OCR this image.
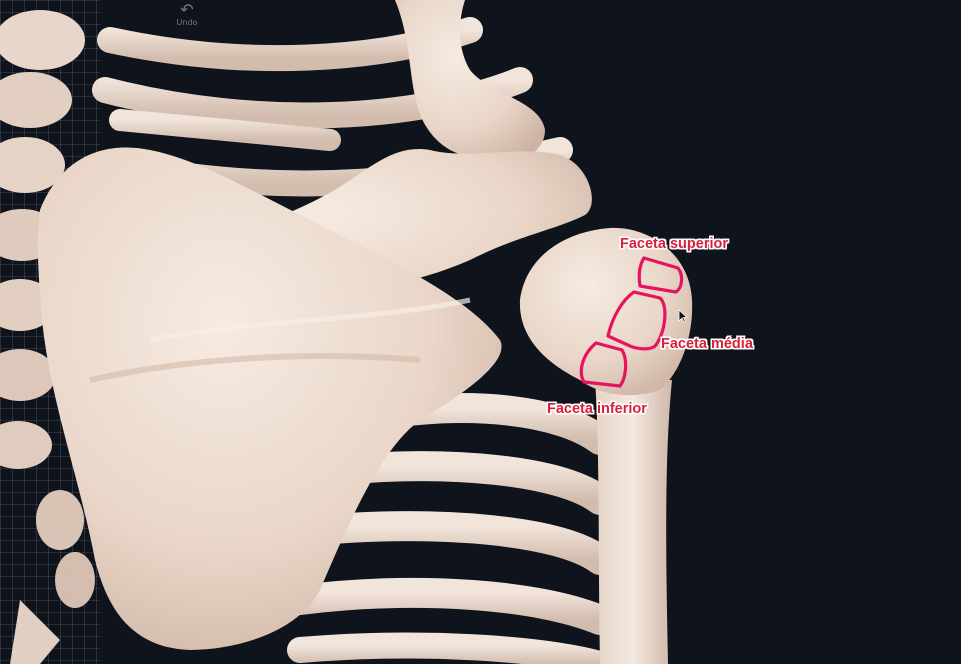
↶
Undo
Faceta superior
Faceta média
Faceta inferior
